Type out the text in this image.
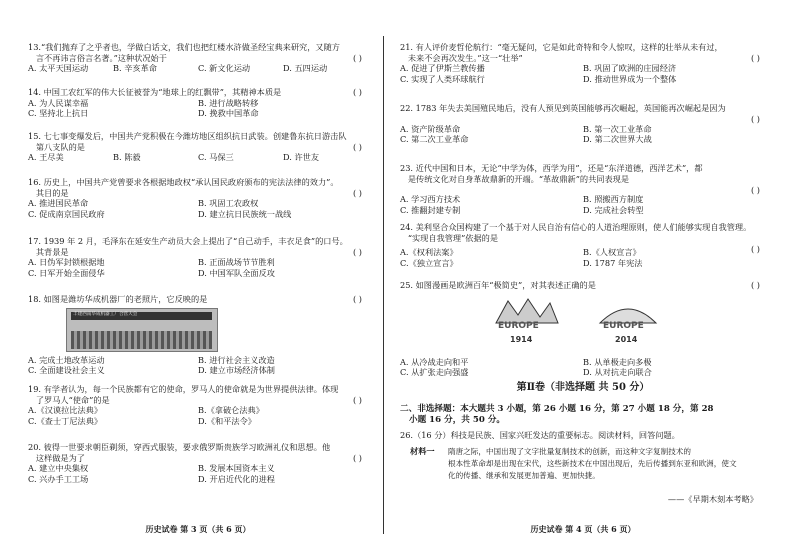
13.“我们抛弃了之乎者也，学做白话文，我们也把红楼水浒做圣经宝典来研究，又随方
言不再讳言俗言名著。”这种状况始于	( )
A. 太平天国运动	B. 辛亥革命	C. 新文化运动	D. 五四运动
14. 中国工农红军的伟大长征被誉为“地球上的红飘带”，其精神本质是	( )
A. 为人民谋幸福	B. 进行战略转移
C. 坚持北上抗日	D. 挽救中国革命
15. 七七事变爆发后，中国共产党积极在今潍坊地区组织抗日武装。创建鲁东抗日游击队
第八支队的是	( )
A. 王尽美	B. 陈毅	C. 马保三	D. 许世友
16. 历史上，中国共产党曾要求各根据地政权“承认国民政府颁布的宪法法律的效力”。
其目的是	( )
A. 推进国民革命	B. 巩固工农政权
C. 促成南京国民政府	D. 建立抗日民族统一战线
17. 1939 年 2 月，毛泽东在延安生产动员大会上提出了“自己动手，丰衣足食”的口号。
其背景是	( )
A. 日伪军封锁根据地	B. 正面战场节节胜利
C. 日军开始全面侵华	D. 中国军队全面反攻
18. 如图是潍坊华成机器厂的老照片，它反映的是	( )
丰建西南华成机器工厂合营大会
A. 完成土地改革运动	B. 进行社会主义改造
C. 全面建设社会主义	D. 建立市场经济体制
19. 有学者认为，每一个民族都有它的使命，罗马人的使命就是为世界提供法律。体现
了罗马人“使命”的是	( )
A.《汉谟拉比法典》	B.《拿破仑法典》
C.《查士丁尼法典》	D.《和平法令》
20. 彼得一世要求朝臣剃须，穿西式服装，要求俄罗斯贵族学习欧洲礼仪和思想。他
这样做是为了	( )
A. 建立中央集权	B. 发展本国资本主义
C. 兴办手工工场	D. 开启近代化的进程
历史试卷 第 3 页（共 6 页）
21. 有人评价麦哲伦航行：“毫无疑问，它是如此奇特和令人惊叹，这样的壮举从未有过，
未来不会再次发生。”这一“壮举”	( )
A. 促进了伊斯兰教传播	B. 巩固了欧洲的庄园经济
C. 实现了人类环球航行	D. 推动世界成为一个整体
22. 1783 年失去美国殖民地后，没有人预见到英国能够再次崛起，英国能再次崛起是因为
( )
A. 资产阶级革命	B. 第一次工业革命
C. 第二次工业革命	D. 第二次世界大战
23. 近代中国和日本，无论“中学为体，西学为用”，还是“东洋道德，西洋艺术”，都
是传统文化对自身革故鼎新的开端。“革故鼎新”的共同表现是
( )
A. 学习西方技术	B. 照搬西方制度
C. 推翻封建专制	D. 完成社会转型
24. 美利坚合众国构建了一个基于对人民自治有信心的人道治理原则，使人们能够实现自我管理。
“实现自我管理”依据的是
( )
A.《权利法案》	B.《人权宣言》
C.《独立宣言》	D. 1787 年宪法
25. 如图漫画是欧洲百年“极简史”，对其表述正确的是	( )
EUROPE
1914
EUROPE
2014
A. 从冷战走向和平	B. 从单极走向多极
C. 从扩张走向强盛	D. 从对抗走向联合
第Ⅱ卷（非选择题 共 50 分）
二、非选择题：本大题共 3 小题，第 26 小题 16 分，第 27 小题 18 分，第 28
小题 16 分，共 50 分。
26.（16 分）科技是民族、国家兴旺发达的重要标志。阅读材料，回答问题。
材料一 隋唐之际，中国出现了文字批量复制技术的创新，而这种文字复制技术的
根本性革命却是出现在宋代，这些新技术在中国出现后，先后传播到东亚和欧洲，使文
化的传播、继承和发展更加普遍、更加快捷。
——《早期木刻本考略》
历史试卷 第 4 页（共 6 页）
